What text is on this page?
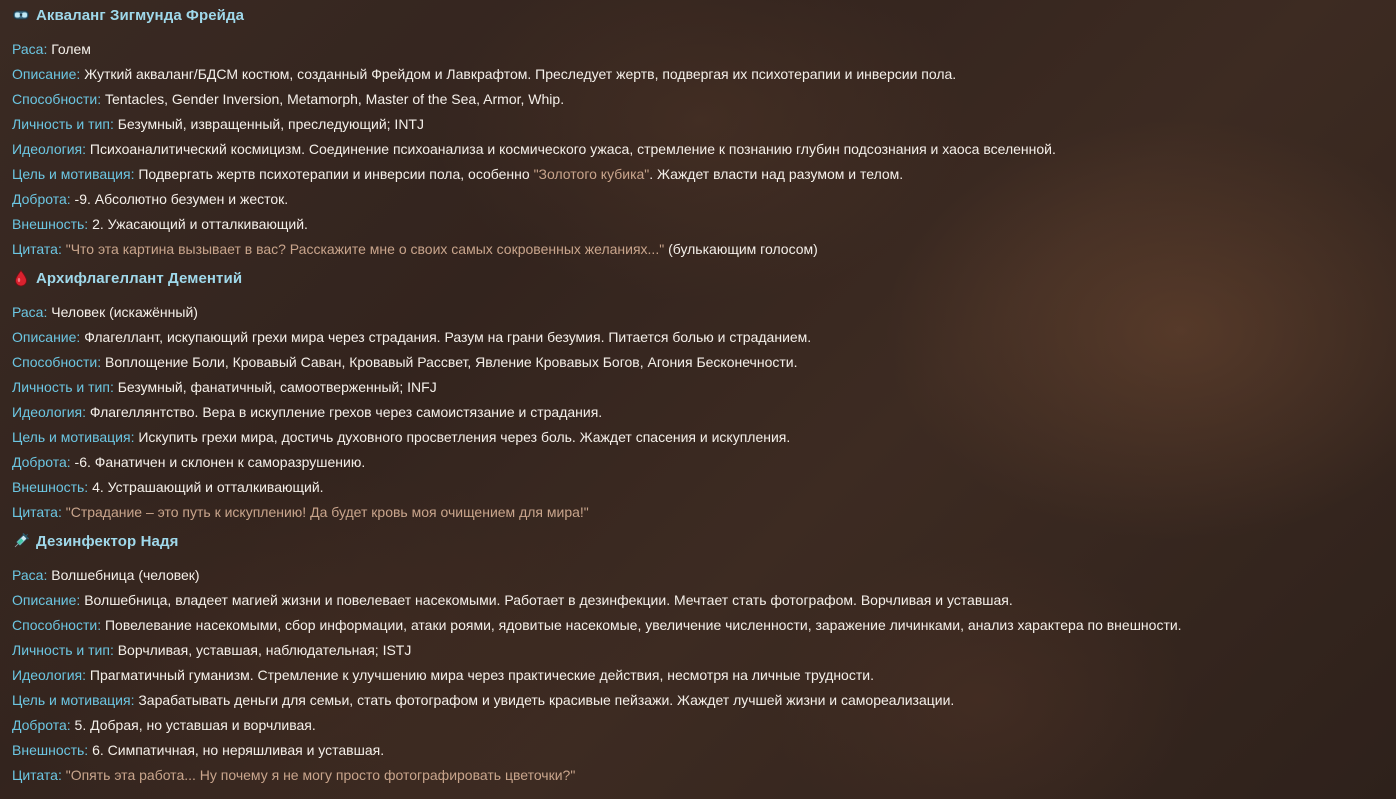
Акваланг Зигмунда Фрейда
Раса: Голем
Описание: Жуткий акваланг/БДСМ костюм, созданный Фрейдом и Лавкрафтом. Преследует жертв, подвергая их психотерапии и инверсии пола.
Способности: Tentacles, Gender Inversion, Metamorph, Master of the Sea, Armor, Whip.
Личность и тип: Безумный, извращенный, преследующий; INTJ
Идеология: Психоаналитический космицизм. Соединение психоанализа и космического ужаса, стремление к познанию глубин подсознания и хаоса вселенной.
Цель и мотивация: Подвергать жертв психотерапии и инверсии пола, особенно "Золотого кубика". Жаждет власти над разумом и телом.
Доброта: -9. Абсолютно безумен и жесток.
Внешность: 2. Ужасающий и отталкивающий.
Цитата: "Что эта картина вызывает в вас? Расскажите мне о своих самых сокровенных желаниях..." (булькающим голосом)
Архифлагеллант Дементий
Раса: Человек (искажённый)
Описание: Флагеллант, искупающий грехи мира через страдания. Разум на грани безумия. Питается болью и страданием.
Способности: Воплощение Боли, Кровавый Саван, Кровавый Рассвет, Явление Кровавых Богов, Агония Бесконечности.
Личность и тип: Безумный, фанатичный, самоотверженный; INFJ
Идеология: Флагеллянтство. Вера в искупление грехов через самоистязание и страдания.
Цель и мотивация: Искупить грехи мира, достичь духовного просветления через боль. Жаждет спасения и искупления.
Доброта: -6. Фанатичен и склонен к саморазрушению.
Внешность: 4. Устрашающий и отталкивающий.
Цитата: "Страдание – это путь к искуплению! Да будет кровь моя очищением для мира!"
Дезинфектор Надя
Раса: Волшебница (человек)
Описание: Волшебница, владеет магией жизни и повелевает насекомыми. Работает в дезинфекции. Мечтает стать фотографом. Ворчливая и уставшая.
Способности: Повелевание насекомыми, сбор информации, атаки роями, ядовитые насекомые, увеличение численности, заражение личинками, анализ характера по внешности.
Личность и тип: Ворчливая, уставшая, наблюдательная; ISTJ
Идеология: Прагматичный гуманизм. Стремление к улучшению мира через практические действия, несмотря на личные трудности.
Цель и мотивация: Зарабатывать деньги для семьи, стать фотографом и увидеть красивые пейзажи. Жаждет лучшей жизни и самореализации.
Доброта: 5. Добрая, но уставшая и ворчливая.
Внешность: 6. Симпатичная, но неряшливая и уставшая.
Цитата: "Опять эта работа... Ну почему я не могу просто фотографировать цветочки?"
